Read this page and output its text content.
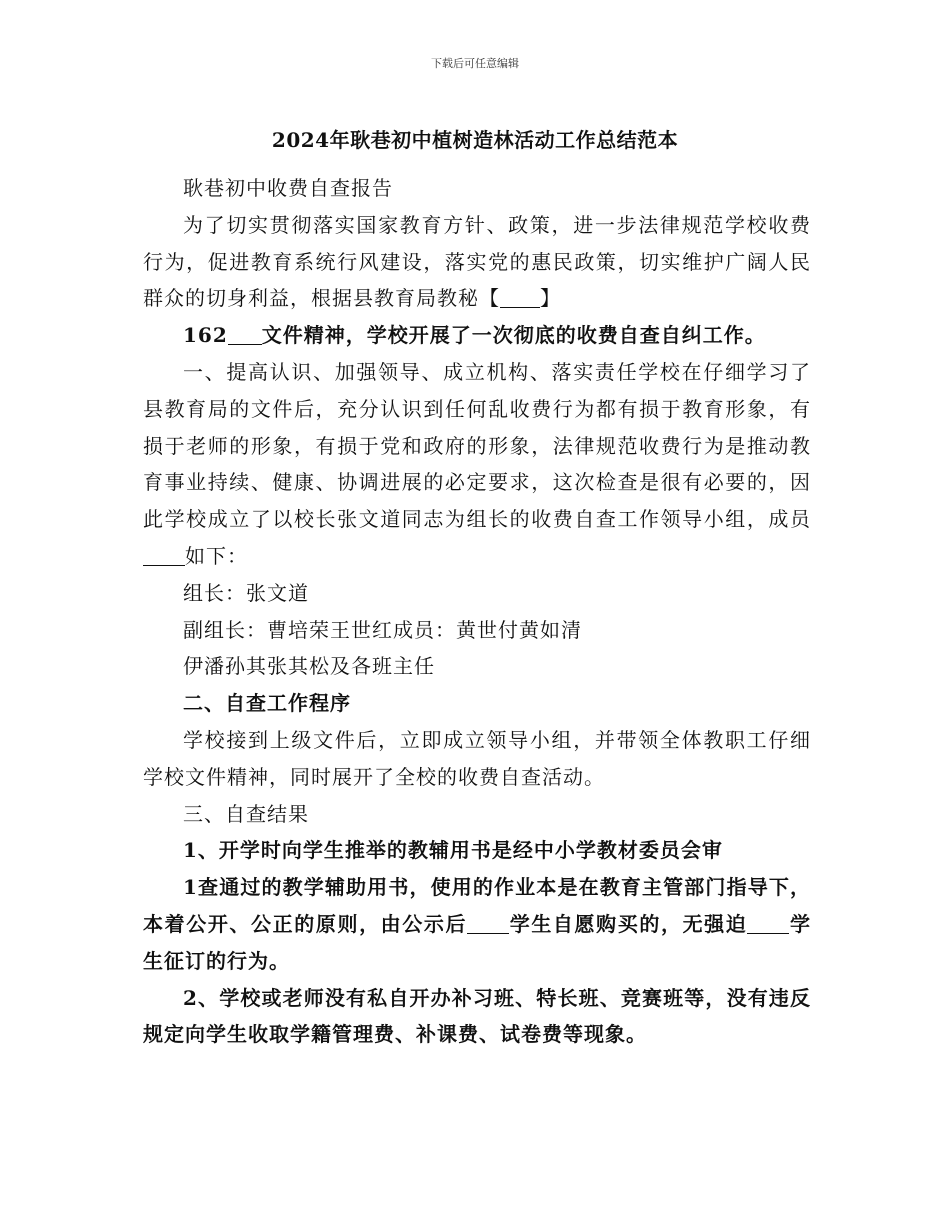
下载后可任意编辑
2024年耿巷初中植树造林活动工作总结范本

耿巷初中收费自查报告

为了切实贯彻落实国家教育方针、政策，进一步法律规范学校收费行为，促进教育系统行风建设，落实党的惠民政策，切实维护广阔人民群众的切身利益，根据县教育局教秘【 】

162 文件精神，学校开展了一次彻底的收费自查自纠工作。

一、提高认识、加强领导、成立机构、落实责任学校在仔细学习了县教育局的文件后，充分认识到任何乱收费行为都有损于教育形象，有损于老师的形象，有损于党和政府的形象，法律规范收费行为是推动教育事业持续、健康、协调进展的必定要求，这次检查是很有必要的，因此学校成立了以校长张文道同志为组长的收费自查工作领导小组，成员如下：

组长：张文道

副组长：曹培荣王世红成员：黄世付黄如清

伊潘孙其张其松及各班主任

二、自查工作程序

学校接到上级文件后，立即成立领导小组，并带领全体教职工仔细学校文件精神，同时展开了全校的收费自查活动。

三、自查结果

1、开学时向学生推举的教辅用书是经中小学教材委员会审

1查通过的教学辅助用书，使用的作业本是在教育主管部门指导下，本着公开、公正的原则，由公示后 学生自愿购买的，无强迫 学生征订的行为。

2、学校或老师没有私自开办补习班、特长班、竞赛班等，没有违反规定向学生收取学籍管理费、补课费、试卷费等现象。
